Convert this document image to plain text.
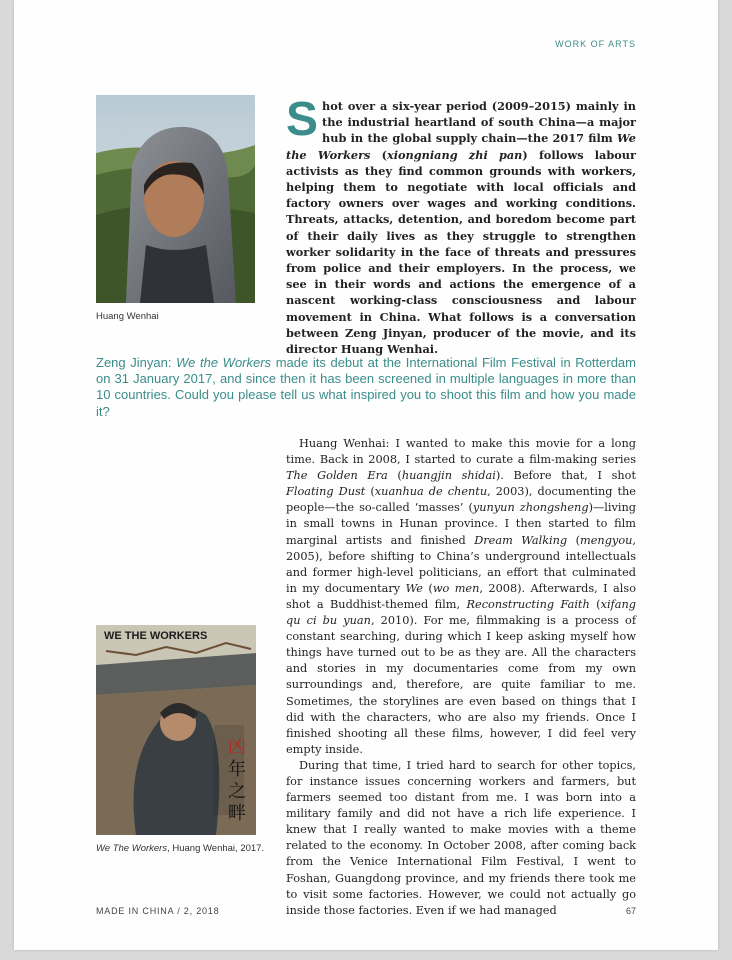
WORK OF ARTS
Huang Wenhai

Shot over a six-year period (2009–2015) mainly in the industrial heartland of south China—a major hub in the global supply chain—the 2017 film We the Workers (xiongniang zhi pan) follows labour activists as they find common grounds with workers, helping them to negotiate with local officials and factory owners over wages and working conditions. Threats, attacks, detention, and boredom become part of their daily lives as they struggle to strengthen worker solidarity in the face of threats and pressures from police and their employers. In the process, we see in their words and actions the emergence of a nascent working-class consciousness and labour movement in China. What follows is a conversation between Zeng Jinyan, producer of the movie, and its director Huang Wenhai.

Zeng Jinyan: We the Workers made its debut at the International Film Festival in Rotterdam on 31 January 2017, and since then it has been screened in multiple languages in more than 10 countries. Could you please tell us what inspired you to shoot this film and how you made it?

Huang Wenhai: I wanted to make this movie for a long time. Back in 2008, I started to curate a film-making series The Golden Era (huangjin shidai). Before that, I shot Floating Dust (xuanhua de chentu, 2003), documenting the people—the so-called ‘masses’ (yunyun zhongsheng)—living in small towns in Hunan province. I then started to film marginal artists and finished Dream Walking (mengyou, 2005), before shifting to China’s underground intellectuals and former high-level politicians, an effort that culminated in my documentary We (wo men, 2008). Afterwards, I also shot a Buddhist-themed film, Reconstructing Faith (xifang qu ci bu yuan, 2010). For me, filmmaking is a process of constant searching, during which I keep asking myself how things have turned out to be as they are. All the characters and stories in my documentaries come from my own surroundings and, therefore, are quite familiar to me. Sometimes, the storylines are even based on things that I did with the characters, who are also my friends. Once I finished shooting all these films, however, I did feel very empty inside.

During that time, I tried hard to search for other topics, for instance issues concerning workers and farmers, but farmers seemed too distant from me. I was born into a military family and did not have a rich life experience. I knew that I really wanted to make movies with a theme related to the economy. In October 2008, after coming back from the Venice International Film Festival, I went to Foshan, Guangdong province, and my friends there took me to visit some factories. However, we could not actually go inside those factories. Even if we had managed

WE THE WORKERS
凶
年
之
畔
We The Workers, Huang Wenhai, 2017.
MADE IN CHINA / 2, 2018	67
